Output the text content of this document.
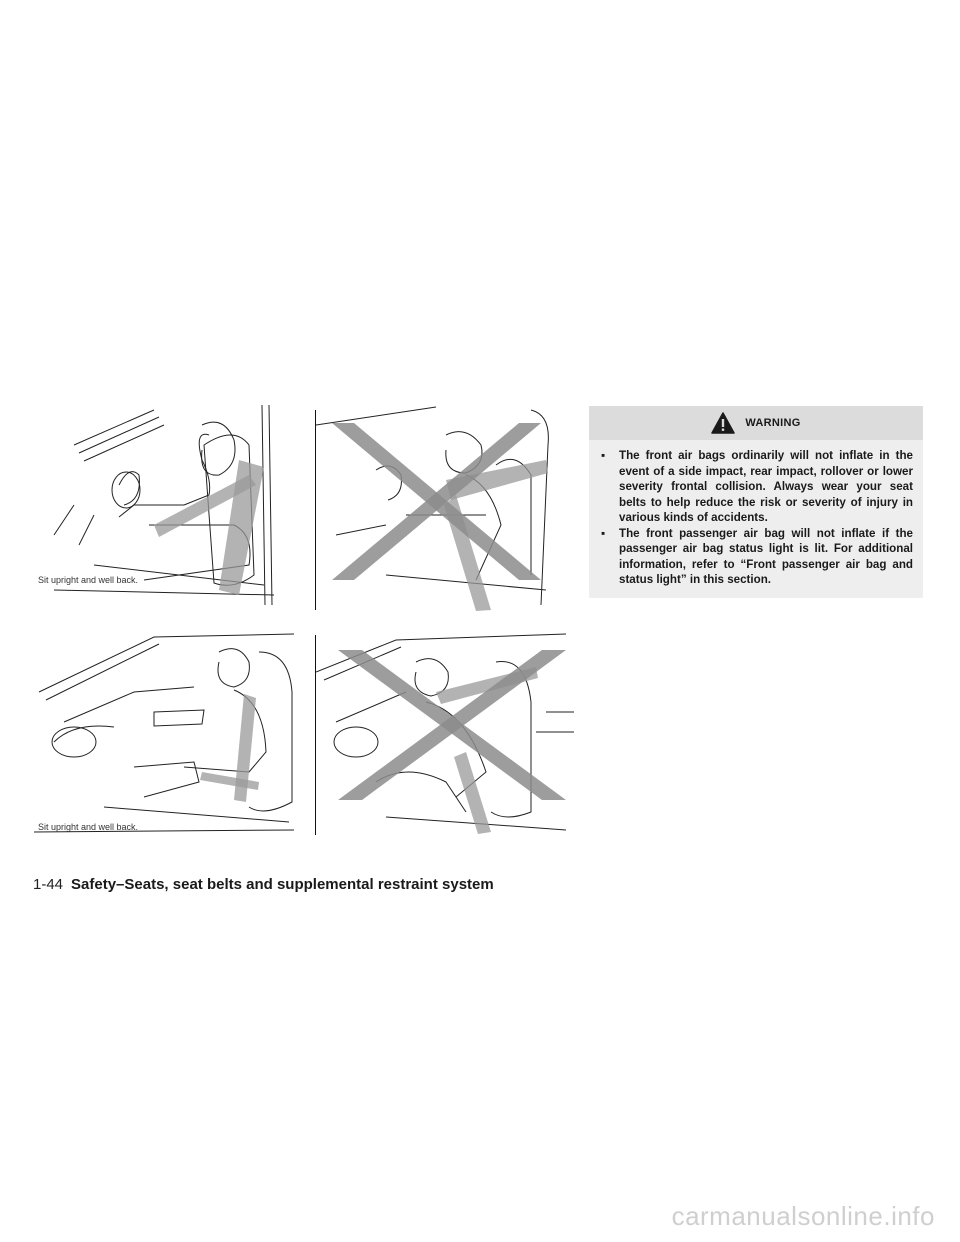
Sit upright and well back.
Sit upright and well back.
WARNING
▪ The front air bags ordinarily will not inflate in the event of a side impact, rear impact, rollover or lower severity frontal collision. Always wear your seat belts to help reduce the risk or severity of injury in various kinds of accidents.
▪ The front passenger air bag will not inflate if the passenger air bag status light is lit. For additional information, refer to “Front passenger air bag and status light” in this section.
1-44 Safety–Seats, seat belts and supplemental restraint system
carmanualsonline.info
